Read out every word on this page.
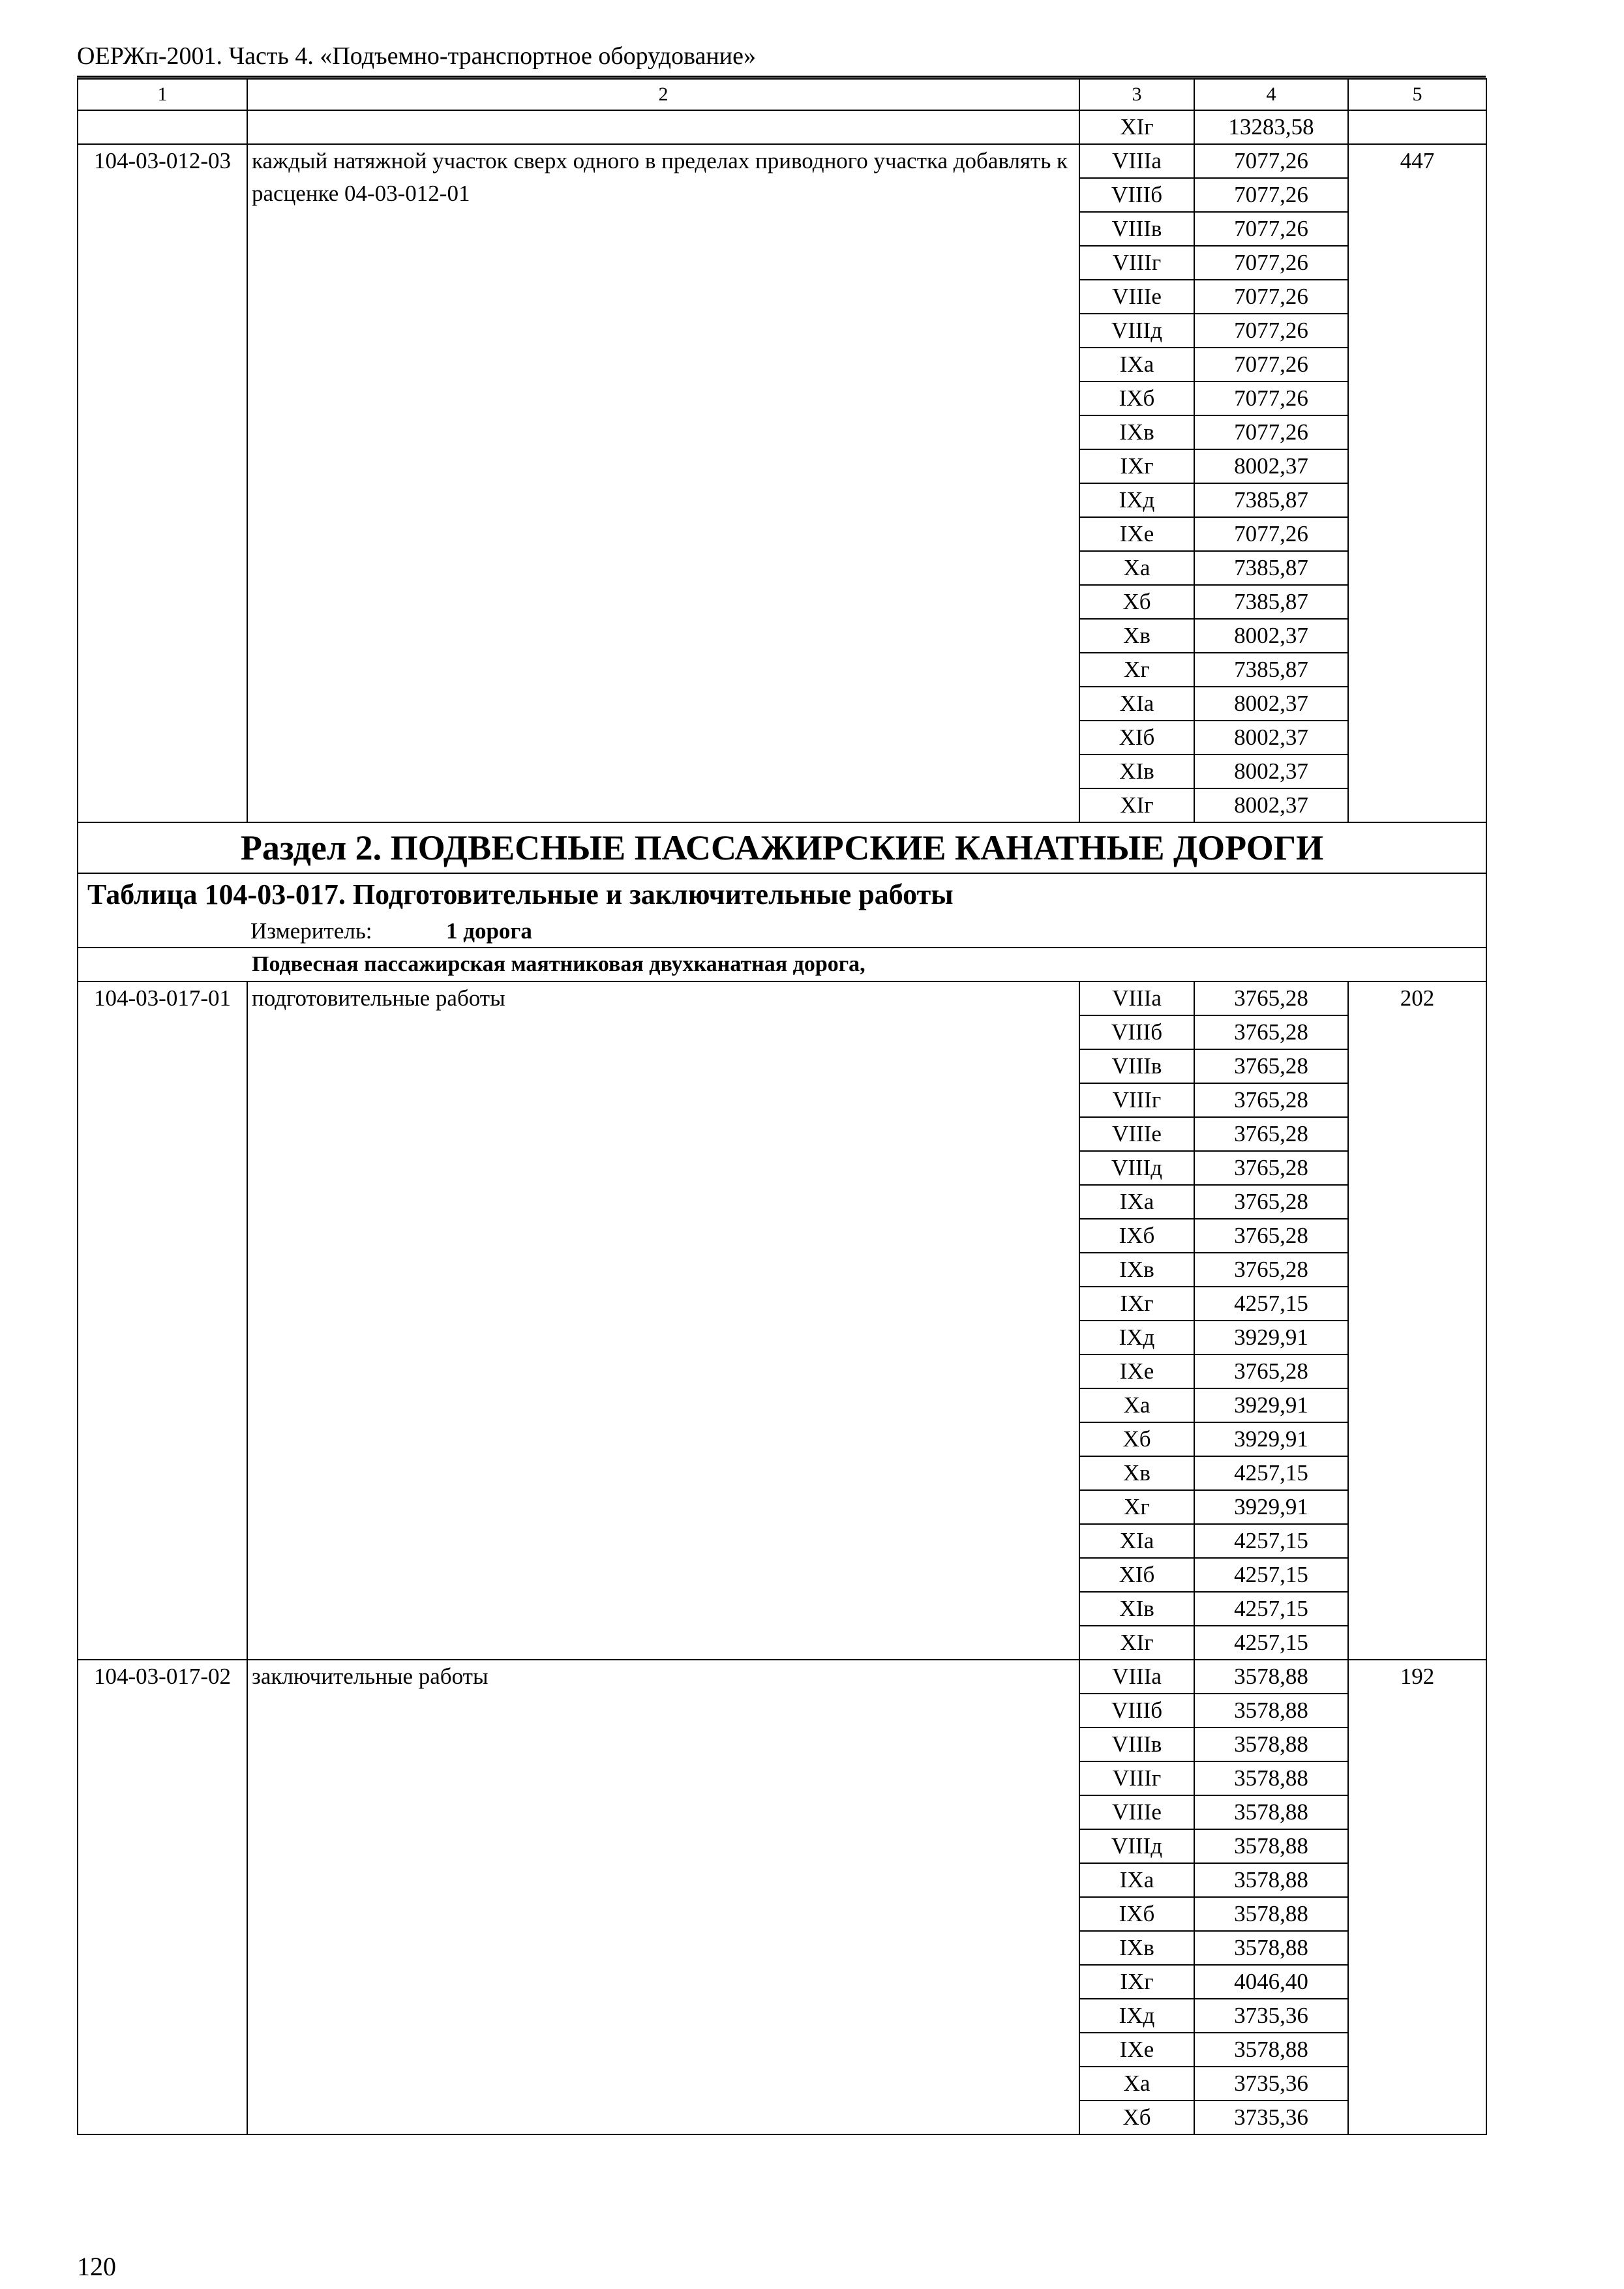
ОЕРЖп-2001. Часть 4. «Подъемно-транспортное оборудование»
1	2	3	4	5
		XIг	13283,58	
104-03-012-03	каждый натяжной участок сверх одного в пределах приводного участка добавлять к расценке 04-03-012-01	VIIIа	7077,26	447
		VIIIб	7077,26	
		VIIIв	7077,26	
		VIIIг	7077,26	
		VIIIе	7077,26	
		VIIIд	7077,26	
		IXа	7077,26	
		IXб	7077,26	
		IXв	7077,26	
		IXг	8002,37	
		IXд	7385,87	
		IXе	7077,26	
		Xа	7385,87	
		Xб	7385,87	
		Xв	8002,37	
		Xг	7385,87	
		XIа	8002,37	
		XIб	8002,37	
		XIв	8002,37	
		XIг	8002,37	
Раздел 2. ПОДВЕСНЫЕ ПАССАЖИРСКИЕ КАНАТНЫЕ ДОРОГИ				
Таблица 104-03-017. Подготовительные и заключительные работы				
Измеритель: 1 дорога				
Подвесная пассажирская маятниковая двухканатная дорога,				
104-03-017-01	подготовительные работы	VIIIа	3765,28	202
		VIIIб	3765,28	
		VIIIв	3765,28	
		VIIIг	3765,28	
		VIIIе	3765,28	
		VIIIд	3765,28	
		IXа	3765,28	
		IXб	3765,28	
		IXв	3765,28	
		IXг	4257,15	
		IXд	3929,91	
		IXе	3765,28	
		Xа	3929,91	
		Xб	3929,91	
		Xв	4257,15	
		Xг	3929,91	
		XIа	4257,15	
		XIб	4257,15	
		XIв	4257,15	
		XIг	4257,15	
104-03-017-02	заключительные работы	VIIIа	3578,88	192
		VIIIб	3578,88	
		VIIIв	3578,88	
		VIIIг	3578,88	
		VIIIе	3578,88	
		VIIIд	3578,88	
		IXа	3578,88	
		IXб	3578,88	
		IXв	3578,88	
		IXг	4046,40	
		IXд	3735,36	
		IXе	3578,88	
		Xа	3735,36	
		Xб	3735,36	
120
